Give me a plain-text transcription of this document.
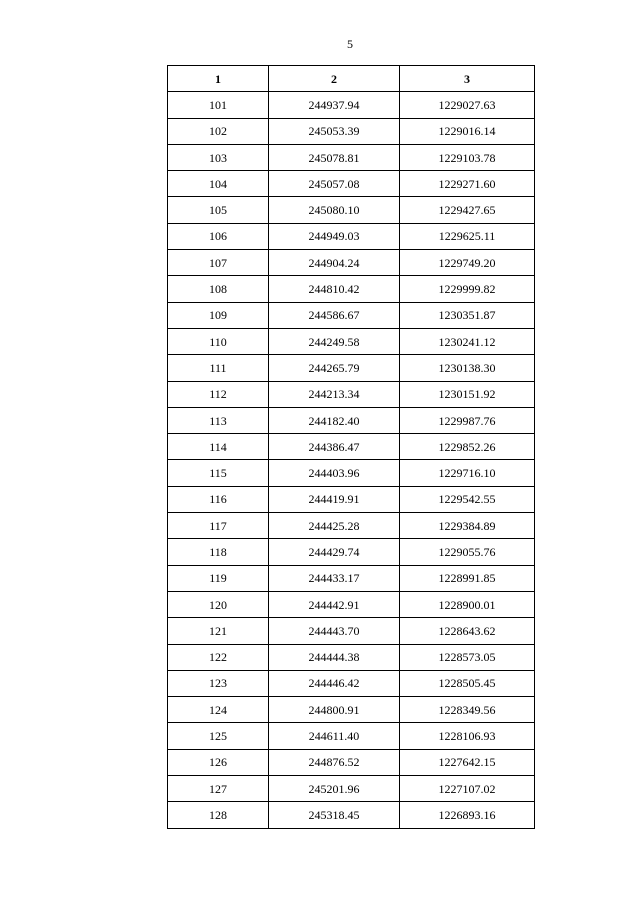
5
1	2	3
101	244937.94	1229027.63
102	245053.39	1229016.14
103	245078.81	1229103.78
104	245057.08	1229271.60
105	245080.10	1229427.65
106	244949.03	1229625.11
107	244904.24	1229749.20
108	244810.42	1229999.82
109	244586.67	1230351.87
110	244249.58	1230241.12
111	244265.79	1230138.30
112	244213.34	1230151.92
113	244182.40	1229987.76
114	244386.47	1229852.26
115	244403.96	1229716.10
116	244419.91	1229542.55
117	244425.28	1229384.89
118	244429.74	1229055.76
119	244433.17	1228991.85
120	244442.91	1228900.01
121	244443.70	1228643.62
122	244444.38	1228573.05
123	244446.42	1228505.45
124	244800.91	1228349.56
125	244611.40	1228106.93
126	244876.52	1227642.15
127	245201.96	1227107.02
128	245318.45	1226893.16
